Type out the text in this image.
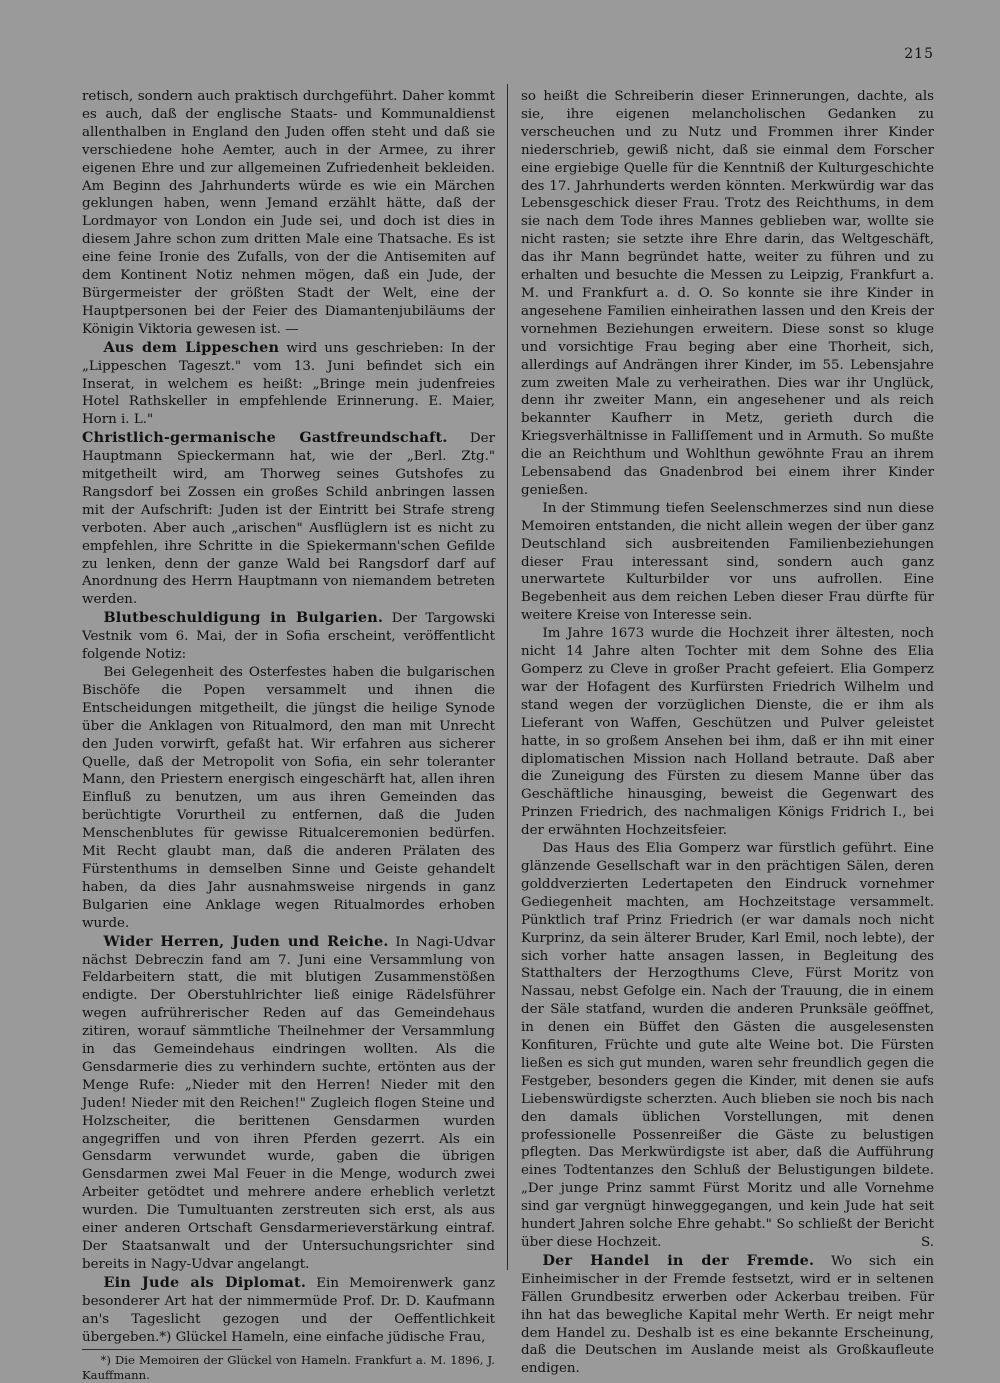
215

retisch, sondern auch praktisch durchgeführt. Daher kommt es auch, daß der englische Staats- und Kommunaldienst allenthalben in England den Juden offen steht und daß sie verschiedene hohe Aemter, auch in der Armee, zu ihrer eigenen Ehre und zur allgemeinen Zufriedenheit bekleiden. Am Beginn des Jahrhunderts würde es wie ein Märchen geklungen haben, wenn Jemand erzählt hätte, daß der Lordmayor von London ein Jude sei, und doch ist dies in diesem Jahre schon zum dritten Male eine Thatsache. Es ist eine feine Ironie des Zufalls, von der die Antisemiten auf dem Kontinent Notiz nehmen mögen, daß ein Jude, der Bürgermeister der größten Stadt der Welt, eine der Hauptpersonen bei der Feier des Diamantenjubiläums der Königin Viktoria gewesen ist. —

Aus dem Lippeschen wird uns geschrieben: In der „Lippeschen Tageszt." vom 13. Juni befindet sich ein Inserat, in welchem es heißt: „Bringe mein judenfreies Hotel Rathskeller in empfehlende Erinnerung. E. Maier, Horn i. L."

Christlich-germanische Gastfreundschaft. Der Hauptmann Spieckermann hat, wie der „Berl. Ztg." mitgetheilt wird, am Thorweg seines Gutshofes zu Rangsdorf bei Zossen ein großes Schild anbringen lassen mit der Aufschrift: Juden ist der Eintritt bei Strafe streng verboten. Aber auch „arischen" Ausflüglern ist es nicht zu empfehlen, ihre Schritte in die Spiekermann'schen Gefilde zu lenken, denn der ganze Wald bei Rangsdorf darf auf Anordnung des Herrn Hauptmann von niemandem betreten werden.

Blutbeschuldigung in Bulgarien. Der Targowski Vestnik vom 6. Mai, der in Sofia erscheint, veröffentlicht folgende Notiz:

Bei Gelegenheit des Osterfestes haben die bulgarischen Bischöfe die Popen versammelt und ihnen die Entscheidungen mitgetheilt, die jüngst die heilige Synode über die Anklagen von Ritualmord, den man mit Unrecht den Juden vorwirft, gefaßt hat. Wir erfahren aus sicherer Quelle, daß der Metropolit von Sofia, ein sehr toleranter Mann, den Priestern energisch eingeschärft hat, allen ihren Einfluß zu benutzen, um aus ihren Gemeinden das berüchtigte Vorurtheil zu entfernen, daß die Juden Menschenblutes für gewisse Ritualceremonien bedürfen. Mit Recht glaubt man, daß die anderen Prälaten des Fürstenthums in demselben Sinne und Geiste gehandelt haben, da dies Jahr ausnahmsweise nirgends in ganz Bulgarien eine Anklage wegen Ritualmordes erhoben wurde.

Wider Herren, Juden und Reiche. In Nagi-Udvar nächst Debreczin fand am 7. Juni eine Versammlung von Feldarbeitern statt, die mit blutigen Zusammenstößen endigte. Der Oberstuhlrichter ließ einige Rädelsführer wegen aufrührerischer Reden auf das Gemeindehaus zitiren, worauf sämmtliche Theilnehmer der Versammlung in das Gemeindehaus eindringen wollten. Als die Gensdarmerie dies zu verhindern suchte, ertönten aus der Menge Rufe: „Nieder mit den Herren! Nieder mit den Juden! Nieder mit den Reichen!" Zugleich flogen Steine und Holzscheiter, die berittenen Gensdarmen wurden angegriffen und von ihren Pferden gezerrt. Als ein Gensdarm verwundet wurde, gaben die übrigen Gensdarmen zwei Mal Feuer in die Menge, wodurch zwei Arbeiter getödtet und mehrere andere erheblich verletzt wurden. Die Tumultuanten zerstreuten sich erst, als aus einer anderen Ortschaft Gensdarmerieverstärkung eintraf. Der Staatsanwalt und der Untersuchungsrichter sind bereits in Nagy-Udvar angelangt.

Ein Jude als Diplomat. Ein Memoirenwerk ganz besonderer Art hat der nimmermüde Prof. Dr. D. Kaufmann an's Tageslicht gezogen und der Oeffentlichkeit übergeben.*) Glückel Hameln, eine einfache jüdische Frau,

*) Die Memoiren der Glückel von Hameln. Frankfurt a. M. 1896, J. Kauffmann.

so heißt die Schreiberin dieser Erinnerungen, dachte, als sie, ihre eigenen melancholischen Gedanken zu verscheuchen und zu Nutz und Frommen ihrer Kinder niederschrieb, gewiß nicht, daß sie einmal dem Forscher eine ergiebige Quelle für die Kenntniß der Kulturgeschichte des 17. Jahrhunderts werden könnten. Merkwürdig war das Lebensgeschick dieser Frau. Trotz des Reichthums, in dem sie nach dem Tode ihres Mannes geblieben war, wollte sie nicht rasten; sie setzte ihre Ehre darin, das Weltgeschäft, das ihr Mann begründet hatte, weiter zu führen und zu erhalten und besuchte die Messen zu Leipzig, Frankfurt a. M. und Frankfurt a. d. O. So konnte sie ihre Kinder in angesehene Familien einheirathen lassen und den Kreis der vornehmen Beziehungen erweitern. Diese sonst so kluge und vorsichtige Frau beging aber eine Thorheit, sich, allerdings auf Andrängen ihrer Kinder, im 55. Lebensjahre zum zweiten Male zu verheirathen. Dies war ihr Unglück, denn ihr zweiter Mann, ein angesehener und als reich bekannter Kaufherr in Metz, gerieth durch die Kriegsverhältnisse in Falliſſement und in Armuth. So mußte die an Reichthum und Wohlthun gewöhnte Frau an ihrem Lebensabend das Gnadenbrod bei einem ihrer Kinder genießen.

In der Stimmung tiefen Seelenschmerzes sind nun diese Memoiren entstanden, die nicht allein wegen der über ganz Deutschland sich ausbreitenden Familienbeziehungen dieser Frau interessant sind, sondern auch ganz unerwartete Kulturbilder vor uns aufrollen. Eine Begebenheit aus dem reichen Leben dieser Frau dürfte für weitere Kreise von Interesse sein.

Im Jahre 1673 wurde die Hochzeit ihrer ältesten, noch nicht 14 Jahre alten Tochter mit dem Sohne des Elia Gomperz zu Cleve in großer Pracht gefeiert. Elia Gomperz war der Hofagent des Kurfürsten Friedrich Wilhelm und stand wegen der vorzüglichen Dienste, die er ihm als Lieferant von Waffen, Geschützen und Pulver geleistet hatte, in so großem Ansehen bei ihm, daß er ihn mit einer diplomatischen Mission nach Holland betraute. Daß aber die Zuneigung des Fürsten zu diesem Manne über das Geschäftliche hinausging, beweist die Gegenwart des Prinzen Friedrich, des nachmaligen Königs Fridrich I., bei der erwähnten Hochzeitsfeier.

Das Haus des Elia Gomperz war fürstlich geführt. Eine glänzende Gesellschaft war in den prächtigen Sälen, deren golddverzierten Ledertapeten den Eindruck vornehmer Gediegenheit machten, am Hochzeitstage versammelt. Pünktlich traf Prinz Friedrich (er war damals noch nicht Kurprinz, da sein älterer Bruder, Karl Emil, noch lebte), der sich vorher hatte ansagen lassen, in Begleitung des Statthalters der Herzogthums Cleve, Fürst Moritz von Nassau, nebst Gefolge ein. Nach der Trauung, die in einem der Säle statfand, wurden die anderen Prunksäle geöffnet, in denen ein Büffet den Gästen die ausgelesensten Konfituren, Früchte und gute alte Weine bot. Die Fürsten ließen es sich gut munden, waren sehr freundlich gegen die Festgeber, besonders gegen die Kinder, mit denen sie aufs Liebenswürdigste scherzten. Auch blieben sie noch bis nach den damals üblichen Vorstellungen, mit denen professionelle Possenreißer die Gäste zu belustigen pflegten. Das Merkwürdigste ist aber, daß die Aufführung eines Todtentanzes den Schluß der Belustigungen bildete. „Der junge Prinz sammt Fürst Moritz und alle Vornehme sind gar vergnügt hinweggegangen, und kein Jude hat seit hundert Jahren solche Ehre gehabt." So schließt der Bericht über diese Hochzeit.	S.

Der Handel in der Fremde. Wo sich ein Einheimischer in der Fremde festsetzt, wird er in seltenen Fällen Grundbesitz erwerben oder Ackerbau treiben. Für ihn hat das bewegliche Kapital mehr Werth. Er neigt mehr dem Handel zu. Deshalb ist es eine bekannte Erscheinung, daß die Deutschen im Auslande meist als Großkaufleute endigen.
